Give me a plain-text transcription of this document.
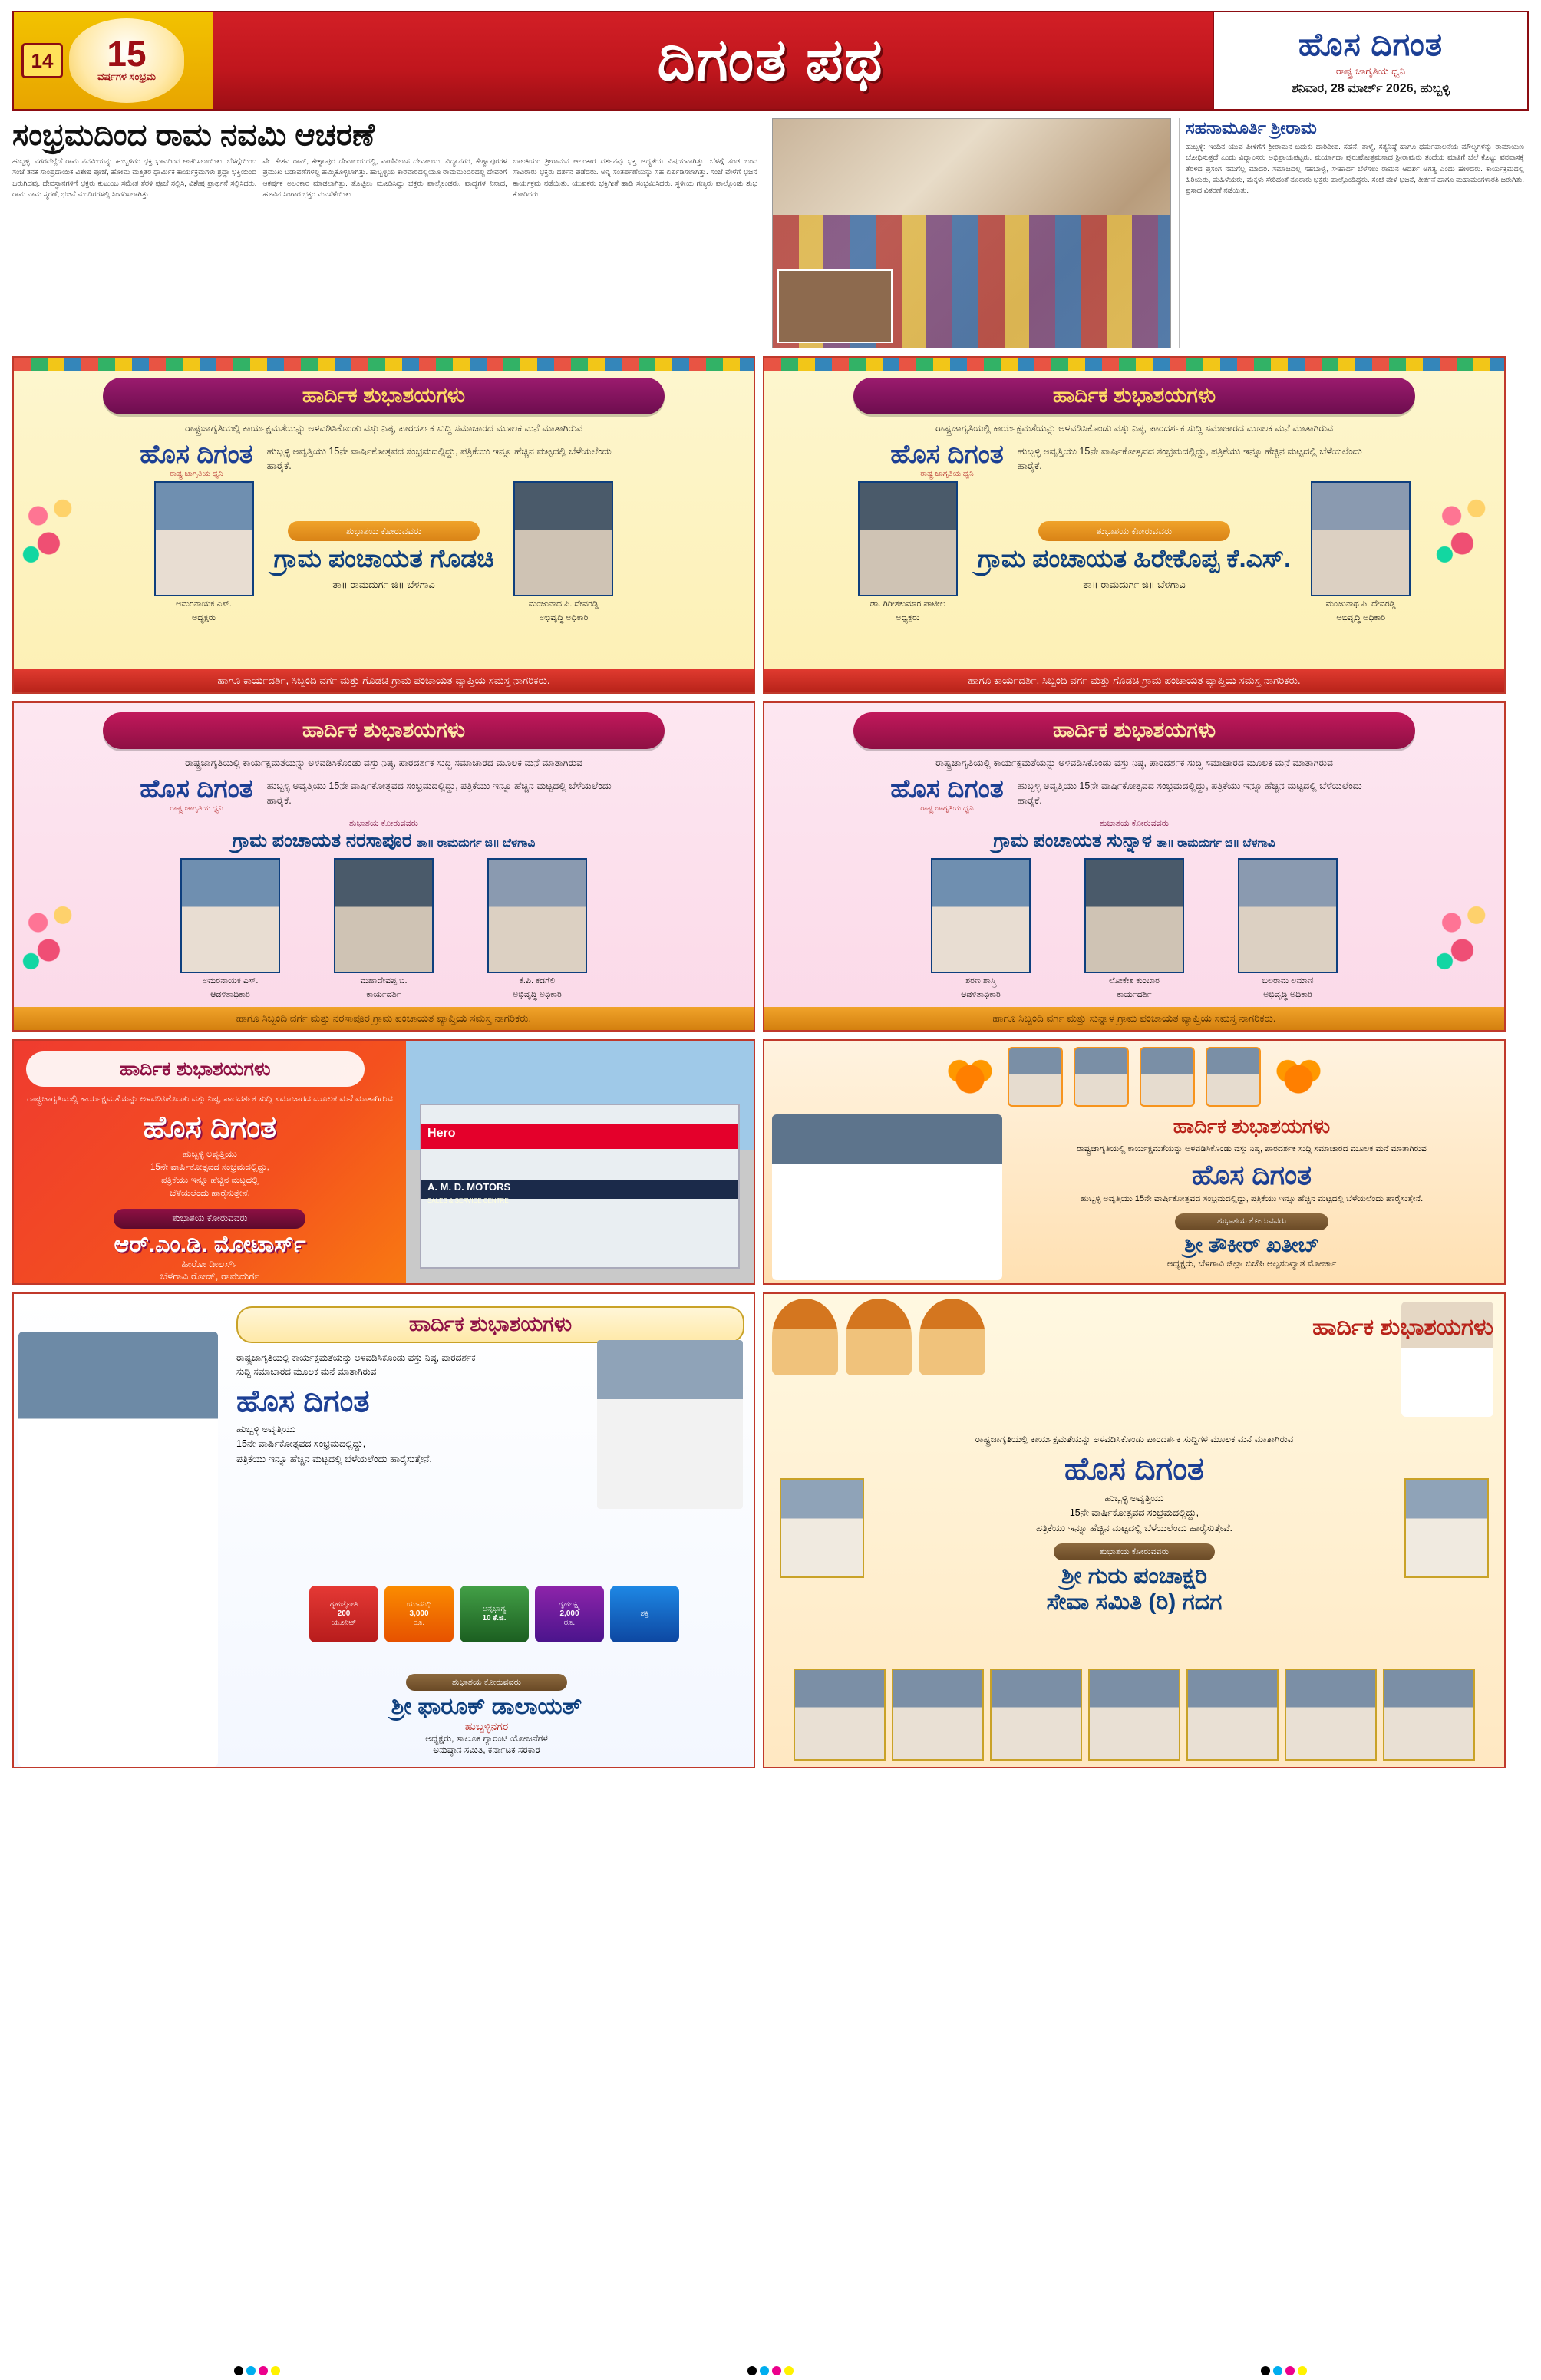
14 15
ವರ್ಷಗಳ ಸಂಭ್ರಮ	ದಿಗಂತ ಪಥ	ಹೊಸ ದಿಗಂತ
ರಾಷ್ಟ್ರ ಜಾಗೃತಿಯ ಧ್ವನಿ
ಶನಿವಾರ, 28 ಮಾರ್ಚ್ 2026, ಹುಬ್ಬಳ್ಳಿ
ಸಂಭ್ರಮದಿಂದ ರಾಮ ನವಮಿ ಆಚರಣೆ
ಹುಬ್ಬಳ್ಳಿ: ನಗರದೆಲ್ಲೆಡೆ ರಾಮ ನವಮಿಯನ್ನು ಹುಬ್ಬಳಿಗರ ಭಕ್ತಿ ಭಾವದಿಂದ ಆಚರಿಸಲಾಯಿತು. ಬೆಳಗ್ಗೆಯಿಂದ ಸಂಜೆ ತನಕ ಸಾಂಪ್ರದಾಯಿಕ ವಿಶೇಷ ಪೂಜೆ, ಹೋಮ ಮತ್ತಿತರ ಧಾರ್ಮಿಕ ಕಾರ್ಯಕ್ರಮಗಳು ಶ್ರದ್ಧಾ ಭಕ್ತಿಯಿಂದ ಜರುಗಿದವು. ದೇವಸ್ಥಾನಗಳಿಗೆ ಭಕ್ತರು ಕುಟುಂಬ ಸಮೇತ ತೆರಳಿ ಪೂಜೆ ಸಲ್ಲಿಸಿ, ವಿಶೇಷ ಪ್ರಾರ್ಥನೆ ಸಲ್ಲಿಸಿದರು. ರಾಮ ನಾಮ ಸ್ಮರಣೆ, ಭಜನೆ ಮಂದಿರಗಳಲ್ಲಿ ಸಿಂಗರಿಸಲಾಗಿತ್ತು.
ವೇ. ಕೇಶವ ರಾವ್, ಕೇಶ್ವಾಪುರ ದೇವಾಲಯದಲ್ಲಿ, ವಾಣಿವಿಲಾಸ ದೇವಾಲಯ, ವಿದ್ಯಾನಗರ, ಕೇಶ್ವಾಪುರಗಳ ಪ್ರಮುಖ ಬಡಾವಣೆಗಳಲ್ಲಿ ಹಮ್ಮಿಕೊಳ್ಳಲಾಗಿತ್ತು. ಹುಬ್ಬಳ್ಳಿಯ ಕಾರವಾರದಲ್ಲಿಯೂ ರಾಮಮಂದಿರದಲ್ಲಿ ದೇವರಿಗೆ ಆಕರ್ಷಕ ಅಲಂಕಾರ ಮಾಡಲಾಗಿತ್ತು. ತೊಟ್ಟಿಲು ಮೂಡಿಸಿದ್ದು ಭಕ್ತರು ಪಾಲ್ಗೊಂಡರು. ವಾದ್ಯಗಳ ನಿನಾದ, ಹೂವಿನ ಸಿಂಗಾರ ಭಕ್ತರ ಮನಸೆಳೆಯಿತು.
ಬಾಲಕಿಯರ ಶ್ರೀರಾಮನ ಆಲಂಕಾರ ದರ್ಶನವು ಭಕ್ತ ಆದ್ಯತೆಯ ವಿಷಯವಾಗಿತ್ತು. ಬೆಳಗ್ಗೆ ತಂಡ ಬಂದ ಸಾವಿರಾರು ಭಕ್ತರು ದರ್ಶನ ಪಡೆದರು. ಅನ್ನ ಸಂತರ್ಪಣೆಯನ್ನು ಸಹ ಏರ್ಪಡಿಸಲಾಗಿತ್ತು. ಸಂಜೆ ವೇಳೆಗೆ ಭಜನೆ ಕಾರ್ಯಕ್ರಮ ನಡೆಯಿತು. ಯುವಕರು ಭಕ್ತಿಗೀತೆ ಹಾಡಿ ಸಂಭ್ರಮಿಸಿದರು. ಸ್ಥಳೀಯ ಗಣ್ಯರು ಪಾಲ್ಗೊಂಡು ಶುಭ ಕೋರಿದರು.
ಸಹನಾಮೂರ್ತಿ ಶ್ರೀರಾಮ
ಹುಬ್ಬಳ್ಳಿ: ಇಂದಿನ ಯುವ ಪೀಳಿಗೆಗೆ ಶ್ರೀರಾಮನ ಬದುಕು ದಾರಿದೀಪ. ಸಹನೆ, ತಾಳ್ಮೆ, ಸತ್ಯನಿಷ್ಠೆ ಹಾಗೂ ಧರ್ಮಪಾಲನೆಯ ಮೌಲ್ಯಗಳನ್ನು ರಾಮಾಯಣ ಬೋಧಿಸುತ್ತದೆ ಎಂದು ವಿದ್ವಾಂಸರು ಅಭಿಪ್ರಾಯಪಟ್ಟರು. ಮರ್ಯಾದಾ ಪುರುಷೋತ್ತಮನಾದ ಶ್ರೀರಾಮನು ತಂದೆಯ ಮಾತಿಗೆ ಬೆಲೆ ಕೊಟ್ಟು ವನವಾಸಕ್ಕೆ ತೆರಳಿದ ಪ್ರಸಂಗ ನಮಗೆಲ್ಲ ಮಾದರಿ. ಸಮಾಜದಲ್ಲಿ ಸಹಬಾಳ್ವೆ, ಸೌಹಾರ್ದ ಬೆಳೆಸಲು ರಾಮನ ಆದರ್ಶ ಅಗತ್ಯ ಎಂದು ಹೇಳಿದರು. ಕಾರ್ಯಕ್ರಮದಲ್ಲಿ ಹಿರಿಯರು, ಮಹಿಳೆಯರು, ಮಕ್ಕಳು ಸೇರಿದಂತೆ ನೂರಾರು ಭಕ್ತರು ಪಾಲ್ಗೊಂಡಿದ್ದರು. ಸಂಜೆ ವೇಳೆ ಭಜನೆ, ಕೀರ್ತನೆ ಹಾಗೂ ಮಹಾಮಂಗಳಾರತಿ ಜರುಗಿತು. ಪ್ರಸಾದ ವಿತರಣೆ ನಡೆಯಿತು.
ಹಾರ್ದಿಕ ಶುಭಾಶಯಗಳು
ರಾಷ್ಟ್ರಜಾಗೃತಿಯಲ್ಲಿ ಕಾರ್ಯಕ್ಷಮತೆಯನ್ನು ಅಳವಡಿಸಿಕೊಂಡು ವಸ್ತು ನಿಷ್ಠ, ಪಾರದರ್ಶಕ ಸುದ್ದಿ ಸಮಾಚಾರದ ಮೂಲಕ ಮನೆ ಮಾತಾಗಿರುವ
ಹೊಸ ದಿಗಂತ
ರಾಷ್ಟ್ರ ಜಾಗೃತಿಯ ಧ್ವನಿ
ಹುಬ್ಬಳ್ಳಿ ಅವೃತ್ತಿಯು 15ನೇ ವಾರ್ಷಿಕೋತ್ಸವದ ಸಂಭ್ರಮದಲ್ಲಿದ್ದು, ಪತ್ರಿಕೆಯು ಇನ್ನೂ ಹೆಚ್ಚಿನ ಮಟ್ಟದಲ್ಲಿ ಬೆಳೆಯಲೆಂದು ಹಾರೈಕೆ.
ಅಮರನಾಯಕ ಎಸ್.
ಅಧ್ಯಕ್ಷರು
ಶುಭಾಶಯ ಕೋರುವವರು
ಗ್ರಾಮ ಪಂಚಾಯತ ಗೊಡಚಿ
ತಾ॥ ರಾಮದುರ್ಗ ಜಿ॥ ಬೆಳಗಾವಿ
ಮಂಜುನಾಥ ಪಿ. ದೇವರಡ್ಡಿ
ಅಭಿವೃದ್ಧಿ ಅಧಿಕಾರಿ
ಹಾಗೂ ಕಾರ್ಯದರ್ಶಿ, ಸಿಬ್ಬಂದಿ ವರ್ಗ ಮತ್ತು ಗೊಡಚಿ ಗ್ರಾಮ ಪಂಚಾಯತ ವ್ಯಾಪ್ತಿಯ ಸಮಸ್ತ ನಾಗರಿಕರು.
ಹಾರ್ದಿಕ ಶುಭಾಶಯಗಳು
ರಾಷ್ಟ್ರಜಾಗೃತಿಯಲ್ಲಿ ಕಾರ್ಯಕ್ಷಮತೆಯನ್ನು ಅಳವಡಿಸಿಕೊಂಡು ವಸ್ತು ನಿಷ್ಠ, ಪಾರದರ್ಶಕ ಸುದ್ದಿ ಸಮಾಚಾರದ ಮೂಲಕ ಮನೆ ಮಾತಾಗಿರುವ
ಹೊಸ ದಿಗಂತ
ರಾಷ್ಟ್ರ ಜಾಗೃತಿಯ ಧ್ವನಿ
ಹುಬ್ಬಳ್ಳಿ ಅವೃತ್ತಿಯು 15ನೇ ವಾರ್ಷಿಕೋತ್ಸವದ ಸಂಭ್ರಮದಲ್ಲಿದ್ದು, ಪತ್ರಿಕೆಯು ಇನ್ನೂ ಹೆಚ್ಚಿನ ಮಟ್ಟದಲ್ಲಿ ಬೆಳೆಯಲೆಂದು ಹಾರೈಕೆ.
ಡಾ. ಗಿರೀಶಕುಮಾರ ಪಾಟೀಲ
ಅಧ್ಯಕ್ಷರು
ಶುಭಾಶಯ ಕೋರುವವರು
ಗ್ರಾಮ ಪಂಚಾಯತ ಹಿರೇಕೊಪ್ಪ ಕೆ.ಎಸ್.
ತಾ॥ ರಾಮದುರ್ಗ ಜಿ॥ ಬೆಳಗಾವಿ
ಮಂಜುನಾಥ ಪಿ. ದೇವರಡ್ಡಿ
ಅಭಿವೃದ್ಧಿ ಅಧಿಕಾರಿ
ಹಾಗೂ ಕಾರ್ಯದರ್ಶಿ, ಸಿಬ್ಬಂದಿ ವರ್ಗ ಮತ್ತು ಗೊಡಚಿ ಗ್ರಾಮ ಪಂಚಾಯತ ವ್ಯಾಪ್ತಿಯ ಸಮಸ್ತ ನಾಗರಿಕರು.
ಹಾರ್ದಿಕ ಶುಭಾಶಯಗಳು
ರಾಷ್ಟ್ರಜಾಗೃತಿಯಲ್ಲಿ ಕಾರ್ಯಕ್ಷಮತೆಯನ್ನು ಅಳವಡಿಸಿಕೊಂಡು ವಸ್ತು ನಿಷ್ಠ, ಪಾರದರ್ಶಕ ಸುದ್ದಿ ಸಮಾಚಾರದ ಮೂಲಕ ಮನೆ ಮಾತಾಗಿರುವ
ಹೊಸ ದಿಗಂತ
ರಾಷ್ಟ್ರ ಜಾಗೃತಿಯ ಧ್ವನಿ
ಹುಬ್ಬಳ್ಳಿ ಅವೃತ್ತಿಯು 15ನೇ ವಾರ್ಷಿಕೋತ್ಸವದ ಸಂಭ್ರಮದಲ್ಲಿದ್ದು, ಪತ್ರಿಕೆಯು ಇನ್ನೂ ಹೆಚ್ಚಿನ ಮಟ್ಟದಲ್ಲಿ ಬೆಳೆಯಲೆಂದು ಹಾರೈಕೆ.
ಶುಭಾಶಯ ಕೋರುವವರು
ಗ್ರಾಮ ಪಂಚಾಯತ ನರಸಾಪೂರ ತಾ॥ ರಾಮದುರ್ಗ ಜಿ॥ ಬೆಳಗಾವಿ
ಅಮರನಾಯಕ ಎಸ್.
ಆಡಳಿತಾಧಿಕಾರಿ
ಮಹಾದೇವಪ್ಪ ಬಿ.
ಕಾರ್ಯದರ್ಶಿ
ಕೆ.ಪಿ. ಕಡಗೆಲಿ
ಅಭಿವೃದ್ಧಿ ಅಧಿಕಾರಿ
ಹಾಗೂ ಸಿಬ್ಬಂದಿ ವರ್ಗ ಮತ್ತು ನರಸಾಪೂರ ಗ್ರಾಮ ಪಂಚಾಯತ ವ್ಯಾಪ್ತಿಯ ಸಮಸ್ತ ನಾಗರಿಕರು.
ಹಾರ್ದಿಕ ಶುಭಾಶಯಗಳು
ರಾಷ್ಟ್ರಜಾಗೃತಿಯಲ್ಲಿ ಕಾರ್ಯಕ್ಷಮತೆಯನ್ನು ಅಳವಡಿಸಿಕೊಂಡು ವಸ್ತು ನಿಷ್ಠ, ಪಾರದರ್ಶಕ ಸುದ್ದಿ ಸಮಾಚಾರದ ಮೂಲಕ ಮನೆ ಮಾತಾಗಿರುವ
ಹೊಸ ದಿಗಂತ
ರಾಷ್ಟ್ರ ಜಾಗೃತಿಯ ಧ್ವನಿ
ಹುಬ್ಬಳ್ಳಿ ಅವೃತ್ತಿಯು 15ನೇ ವಾರ್ಷಿಕೋತ್ಸವದ ಸಂಭ್ರಮದಲ್ಲಿದ್ದು, ಪತ್ರಿಕೆಯು ಇನ್ನೂ ಹೆಚ್ಚಿನ ಮಟ್ಟದಲ್ಲಿ ಬೆಳೆಯಲೆಂದು ಹಾರೈಕೆ.
ಶುಭಾಶಯ ಕೋರುವವರು
ಗ್ರಾಮ ಪಂಚಾಯತ ಸುನ್ನಾಳ ತಾ॥ ರಾಮದುರ್ಗ ಜಿ॥ ಬೆಳಗಾವಿ
ಶರಣ ಶಾಸ್ತ್ರಿ
ಆಡಳಿತಾಧಿಕಾರಿ
ಲೋಕೇಶ ಕುಂಬಾರ
ಕಾರ್ಯದರ್ಶಿ
ಬಲರಾಮ ಲಮಾಣಿ
ಅಭಿವೃದ್ಧಿ ಅಧಿಕಾರಿ
ಹಾಗೂ ಸಿಬ್ಬಂದಿ ವರ್ಗ ಮತ್ತು ಸುನ್ನಾಳ ಗ್ರಾಮ ಪಂಚಾಯತ ವ್ಯಾಪ್ತಿಯ ಸಮಸ್ತ ನಾಗರಿಕರು.
ಹಾರ್ದಿಕ ಶುಭಾಶಯಗಳು
ರಾಷ್ಟ್ರಜಾಗೃತಿಯಲ್ಲಿ ಕಾರ್ಯಕ್ಷಮತೆಯನ್ನು ಅಳವಡಿಸಿಕೊಂಡು ವಸ್ತು ನಿಷ್ಠ, ಪಾರದರ್ಶಕ ಸುದ್ದಿ ಸಮಾಚಾರದ ಮೂಲಕ ಮನೆ ಮಾತಾಗಿರುವ
ಹೊಸ ದಿಗಂತ
ಹುಬ್ಬಳ್ಳಿ ಅವೃತ್ತಿಯು
15ನೇ ವಾರ್ಷಿಕೋತ್ಸವದ ಸಂಭ್ರಮದಲ್ಲಿದ್ದು,
ಪತ್ರಿಕೆಯು ಇನ್ನೂ ಹೆಚ್ಚಿನ ಮಟ್ಟದಲ್ಲಿ
ಬೆಳೆಯಲೆಂದು ಹಾರೈಸುತ್ತೇನೆ.
ಶುಭಾಶಯ ಕೋರುವವರು
ಆರ್.ಎಂ.ಡಿ. ಮೋಟಾರ್ಸ್
ಹೀರೋ ಡೀಲರ್ಸ್
ಬೆಳಗಾವಿ ರೋಡ್, ರಾಮದುರ್ಗ
Hero
A. M. D. MOTORS
SALES & SERVICE CENTRE
ಹಾರ್ದಿಕ ಶುಭಾಶಯಗಳು
ರಾಷ್ಟ್ರಜಾಗೃತಿಯಲ್ಲಿ ಕಾರ್ಯಕ್ಷಮತೆಯನ್ನು ಅಳವಡಿಸಿಕೊಂಡು ವಸ್ತು ನಿಷ್ಠ, ಪಾರದರ್ಶಕ ಸುದ್ದಿ ಸಮಾಚಾರದ ಮೂಲಕ ಮನೆ ಮಾತಾಗಿರುವ
ಹೊಸ ದಿಗಂತ
ಹುಬ್ಬಳ್ಳಿ ಅವೃತ್ತಿಯು 15ನೇ ವಾರ್ಷಿಕೋತ್ಸವದ ಸಂಭ್ರಮದಲ್ಲಿದ್ದು, ಪತ್ರಿಕೆಯು ಇನ್ನೂ ಹೆಚ್ಚಿನ ಮಟ್ಟದಲ್ಲಿ ಬೆಳೆಯಲೆಂದು ಹಾರೈಸುತ್ತೇನೆ.
ಶುಭಾಶಯ ಕೋರುವವರು
ಶ್ರೀ ತೌಕೀರ್ ಖತೀಬ್
ಅಧ್ಯಕ್ಷರು, ಬೆಳಗಾವಿ ಜಿಲ್ಲಾ ಬಿಜೆಪಿ ಅಲ್ಪಸಂಖ್ಯಾತ ಮೋರ್ಚಾ
ಹಾರ್ದಿಕ ಶುಭಾಶಯಗಳು
ರಾಷ್ಟ್ರಜಾಗೃತಿಯಲ್ಲಿ ಕಾರ್ಯಕ್ಷಮತೆಯನ್ನು ಅಳವಡಿಸಿಕೊಂಡು ವಸ್ತು ನಿಷ್ಠ, ಪಾರದರ್ಶಕ ಸುದ್ದಿ ಸಮಾಚಾರದ ಮೂಲಕ ಮನೆ ಮಾತಾಗಿರುವ
ಹೊಸ ದಿಗಂತ
ಹುಬ್ಬಳ್ಳಿ ಅವೃತ್ತಿಯು
15ನೇ ವಾರ್ಷಿಕೋತ್ಸವದ ಸಂಭ್ರಮದಲ್ಲಿದ್ದು,
ಪತ್ರಿಕೆಯು ಇನ್ನೂ ಹೆಚ್ಚಿನ ಮಟ್ಟದಲ್ಲಿ ಬೆಳೆಯಲೆಂದು ಹಾರೈಸುತ್ತೇನೆ.
ಗೃಹಜ್ಯೋತಿ
200
ಯೂನಿಟ್
ಯುವನಿಧಿ
3,000
ರೂ.
ಅನ್ನಭಾಗ್ಯ
10 ಕೆ.ಜಿ.
ಗೃಹಲಕ್ಷ್ಮಿ
2,000
ರೂ.
ಶಕ್ತಿ
ಶುಭಾಶಯ ಕೋರುವವರು
ಶ್ರೀ ಫಾರೂಕ್ ಡಾಲಾಯತ್
ಹುಬ್ಬಳ್ಳಿನಗರ
ಅಧ್ಯಕ್ಷರು, ತಾಲೂಕ ಗ್ಯಾರಂಟಿ ಯೋಜನೆಗಳ
ಅನುಷ್ಠಾನ ಸಮಿತಿ, ಕರ್ನಾಟಕ ಸರಕಾರ
ಹಾರ್ದಿಕ ಶುಭಾಶಯಗಳು
ರಾಷ್ಟ್ರಜಾಗೃತಿಯಲ್ಲಿ ಕಾರ್ಯಕ್ಷಮತೆಯನ್ನು ಅಳವಡಿಸಿಕೊಂಡು ಪಾರದರ್ಶಕ ಸುದ್ದಿಗಳ ಮೂಲಕ ಮನೆ ಮಾತಾಗಿರುವ
ಹೊಸ ದಿಗಂತ
ಹುಬ್ಬಳ್ಳಿ ಅವೃತ್ತಿಯು
15ನೇ ವಾರ್ಷಿಕೋತ್ಸವದ ಸಂಭ್ರಮದಲ್ಲಿದ್ದು,
ಪತ್ರಿಕೆಯು ಇನ್ನೂ ಹೆಚ್ಚಿನ ಮಟ್ಟದಲ್ಲಿ ಬೆಳೆಯಲೆಂದು ಹಾರೈಸುತ್ತೇವೆ.
ಶುಭಾಶಯ ಕೋರುವವರು
ಶ್ರೀ ಗುರು ಪಂಚಾಕ್ಷರಿ
ಸೇವಾ ಸಮಿತಿ (ರಿ) ಗದಗ
